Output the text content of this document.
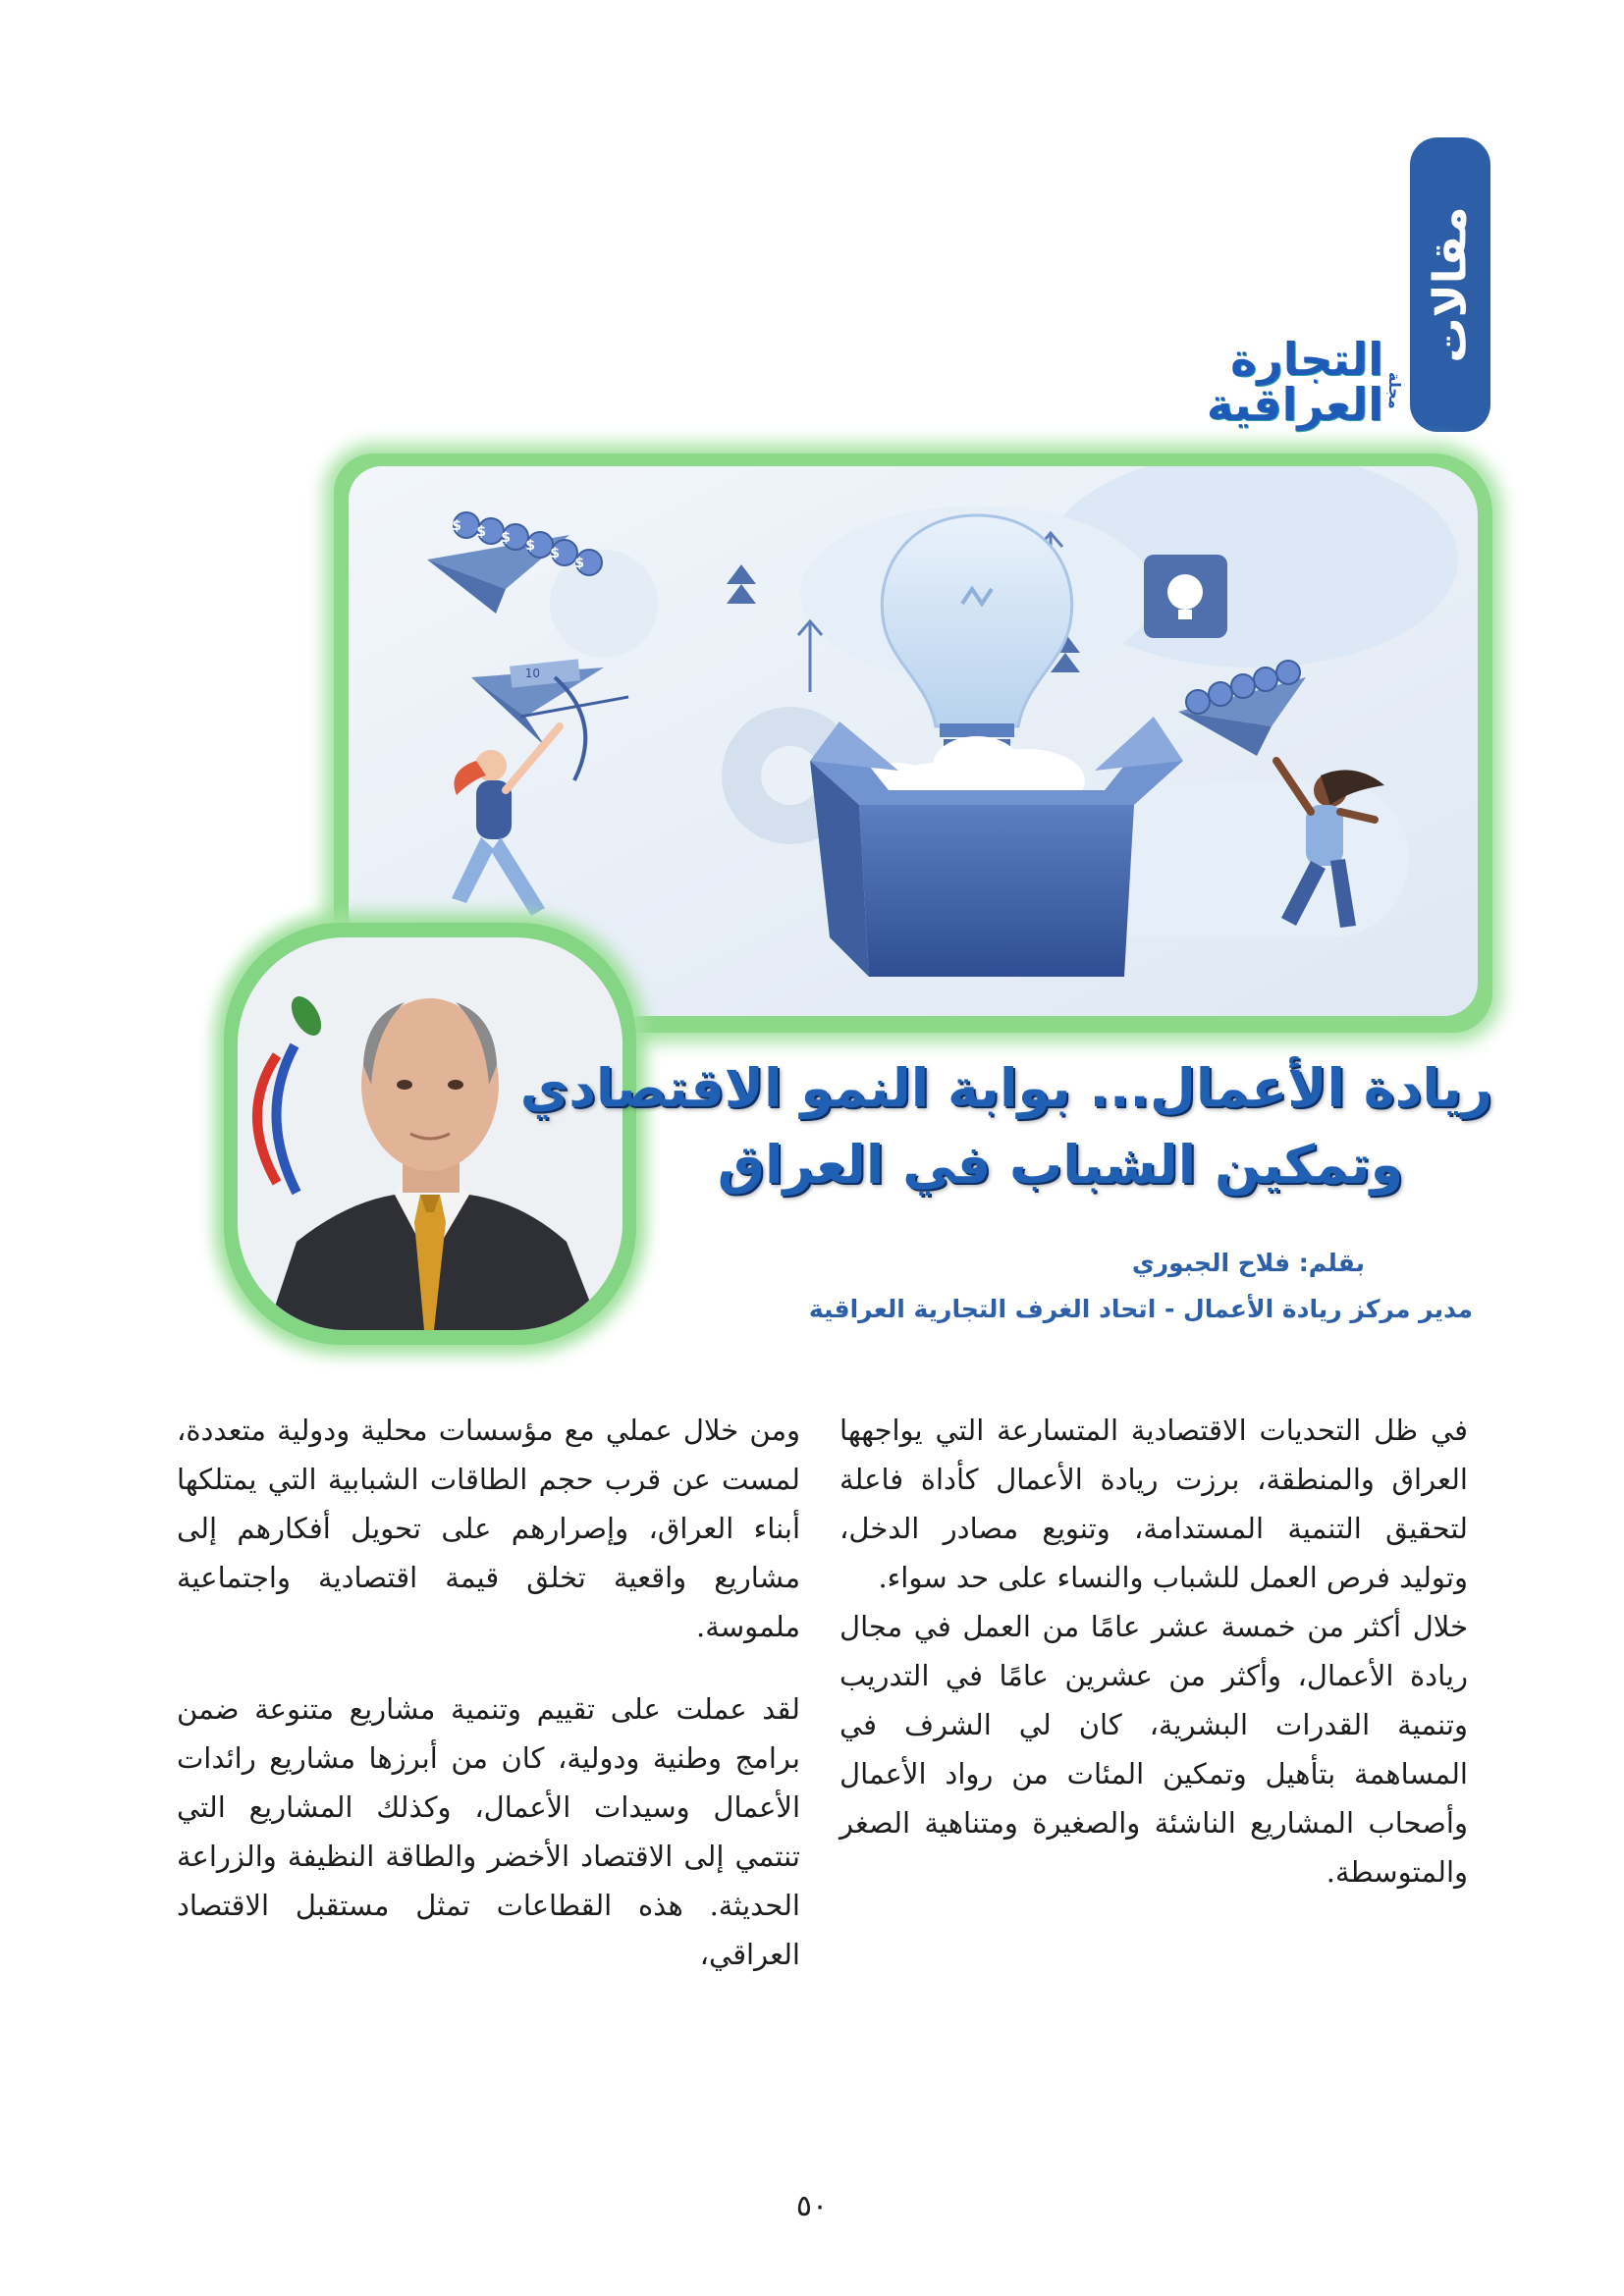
مقالات
مجلة
التجارة العراقية
$ $ $ $ $
$
10
ريادة الأعمال... بوابة النمو الاقتصادي
وتمكين الشباب في العراق
بقلم: فلاح الجبوري
مدير مركز ريادة الأعمال - اتحاد الغرف التجارية العراقية

في ظل التحديات الاقتصادية المتسارعة التي يواجهها العراق والمنطقة، برزت ريادة الأعمال كأداة فاعلة لتحقيق التنمية المستدامة، وتنويع مصادر الدخل، وتوليد فرص العمل للشباب والنساء على حد سواء.

خلال أكثر من خمسة عشر عامًا من العمل في مجال ريادة الأعمال، وأكثر من عشرين عامًا في التدريب وتنمية القدرات البشرية، كان لي الشرف في المساهمة بتأهيل وتمكين المئات من رواد الأعمال وأصحاب المشاريع الناشئة والصغيرة ومتناهية الصغر والمتوسطة.

ومن خلال عملي مع مؤسسات محلية ودولية متعددة، لمست عن قرب حجم الطاقات الشبابية التي يمتلكها أبناء العراق، وإصرارهم على تحويل أفكارهم إلى مشاريع واقعية تخلق قيمة اقتصادية واجتماعية ملموسة.

لقد عملت على تقييم وتنمية مشاريع متنوعة ضمن برامج وطنية ودولية، كان من أبرزها مشاريع رائدات الأعمال وسيدات الأعمال، وكذلك المشاريع التي تنتمي إلى الاقتصاد الأخضر والطاقة النظيفة والزراعة الحديثة. هذه القطاعات تمثل مستقبل الاقتصاد العراقي،

٥٠
